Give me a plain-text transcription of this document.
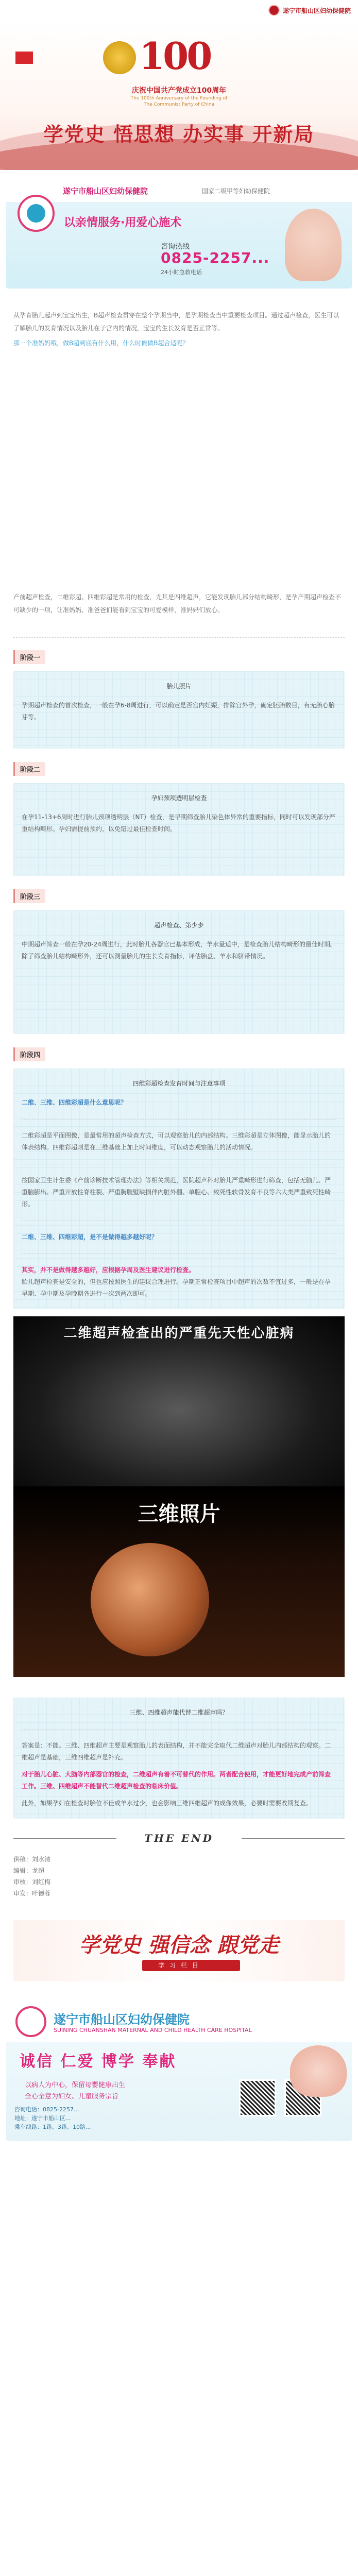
遂宁市船山区妇幼保健院
100
庆祝中国共产党成立100周年
The 100th Anniversary of the Founding of
The Communist Party of China
学党史 悟思想 办实事 开新局
遂宁市船山区妇幼保健院	国家二级甲等妇幼保健院
以亲情服务·用爱心施术
咨询热线
0825-2257...
24小时急救电话

从孕育胎儿起声到宝宝出生，B超声检查贯穿在整个孕期当中，是孕期检查当中重要检查项目。通过超声检查，医生可以了解胎儿的发育情况以及胎儿在子宫内的情况，宝宝的生长发育是否正常等。

那一个准妈妈哦，做B超到底有什么用，什么时候做B超合适呢？

产前超声检查，二维彩超、四维彩超是常用的检查，尤其是四维超声，它能发现胎儿部分结构畸形，是孕产期超声检查不可缺少的一项，让准妈妈、准爸爸们能看到宝宝的可爱模样，准妈妈们放心。

阶段一
胎儿照片

孕期超声检查的首次检查，一般在孕6-8周进行，可以确定是否宫内妊娠，排除宫外孕，确定胚胎数目，有无胎心胎芽等。

阶段二
孕妇颈项透明层检查

在孕11-13+6周时进行胎儿颈项透明层（NT）检查，是早期筛查胎儿染色体异常的重要指标，同时可以发现部分严重结构畸形。孕妇需提前预约，以免错过最佳检查时间。

阶段三
超声检查、第少步

中期超声筛查一般在孕20-24周进行，此时胎儿各器官已基本形成，羊水量适中，是检查胎儿结构畸形的最佳时期。除了筛查胎儿结构畸形外，还可以测量胎儿的生长发育指标，评估胎盘、羊水和脐带情况。

阶段四
四维彩超检查发育时间与注意事项

二维、三维、四维彩超是什么意思呢？

二维彩超是平面图像，是最常用的超声检查方式，可以观察胎儿的内部结构。三维彩超是立体图像，能显示胎儿的体表结构。四维彩超则是在三维基础上加上时间维度，可以动态观察胎儿的活动情况。

按国家卫生计生委《产前诊断技术管理办法》等相关规范，医院超声科对胎儿严重畸形进行筛查，包括无脑儿、严重脑膨出、严重开放性脊柱裂、严重胸腹壁缺损伴内脏外翻、单腔心、致死性软骨发育不良等六大类严重致死性畸形。

二维、三维、四维彩超，是不是做得越多越好呢？

其实，并不是做得越多越好，应根据孕周及医生建议进行检查。

胎儿超声检查是安全的，但也应按照医生的建议合理进行。孕期正常检查项目中超声的次数不宜过多，一般是在孕早期、孕中期及孕晚期各进行一次到两次即可。

二维超声检查出的严重先天性心脏病
三维照片
三维、四维超声能代替二维超声吗？

答案是：不能。三维、四维超声主要是观察胎儿的表面结构，并不能完全取代二维超声对胎儿内部结构的观察。二维超声是基础，三维四维超声是补充。

对于胎儿心脏、大脑等内部器官的检查，二维超声有着不可替代的作用。两者配合使用，才能更好地完成产前筛查工作。三维、四维超声不能替代二维超声检查的临床价值。

此外，如果孕妇在检查时胎位不佳或羊水过少，也会影响三维四维超声的成像效果，必要时需要改期复查。

THE END

供稿：刘水清

编辑：龙超

审核：刘红梅

审发：叶德蓉

学党史 强信念 跟党走
学 习 栏 目
遂宁市船山区妇幼保健院
SUINING CHUANSHAN MATERNAL AND CHILD HEALTH CARE HOSPITAL
诚信 仁爱 博学 奉献
以病人为中心，保留母婴健康出生
全心全意为妇女、儿童服务宗旨

咨询电话：0825-2257...

地址：遂宁市船山区...

乘车线路：1路、3路、10路...
